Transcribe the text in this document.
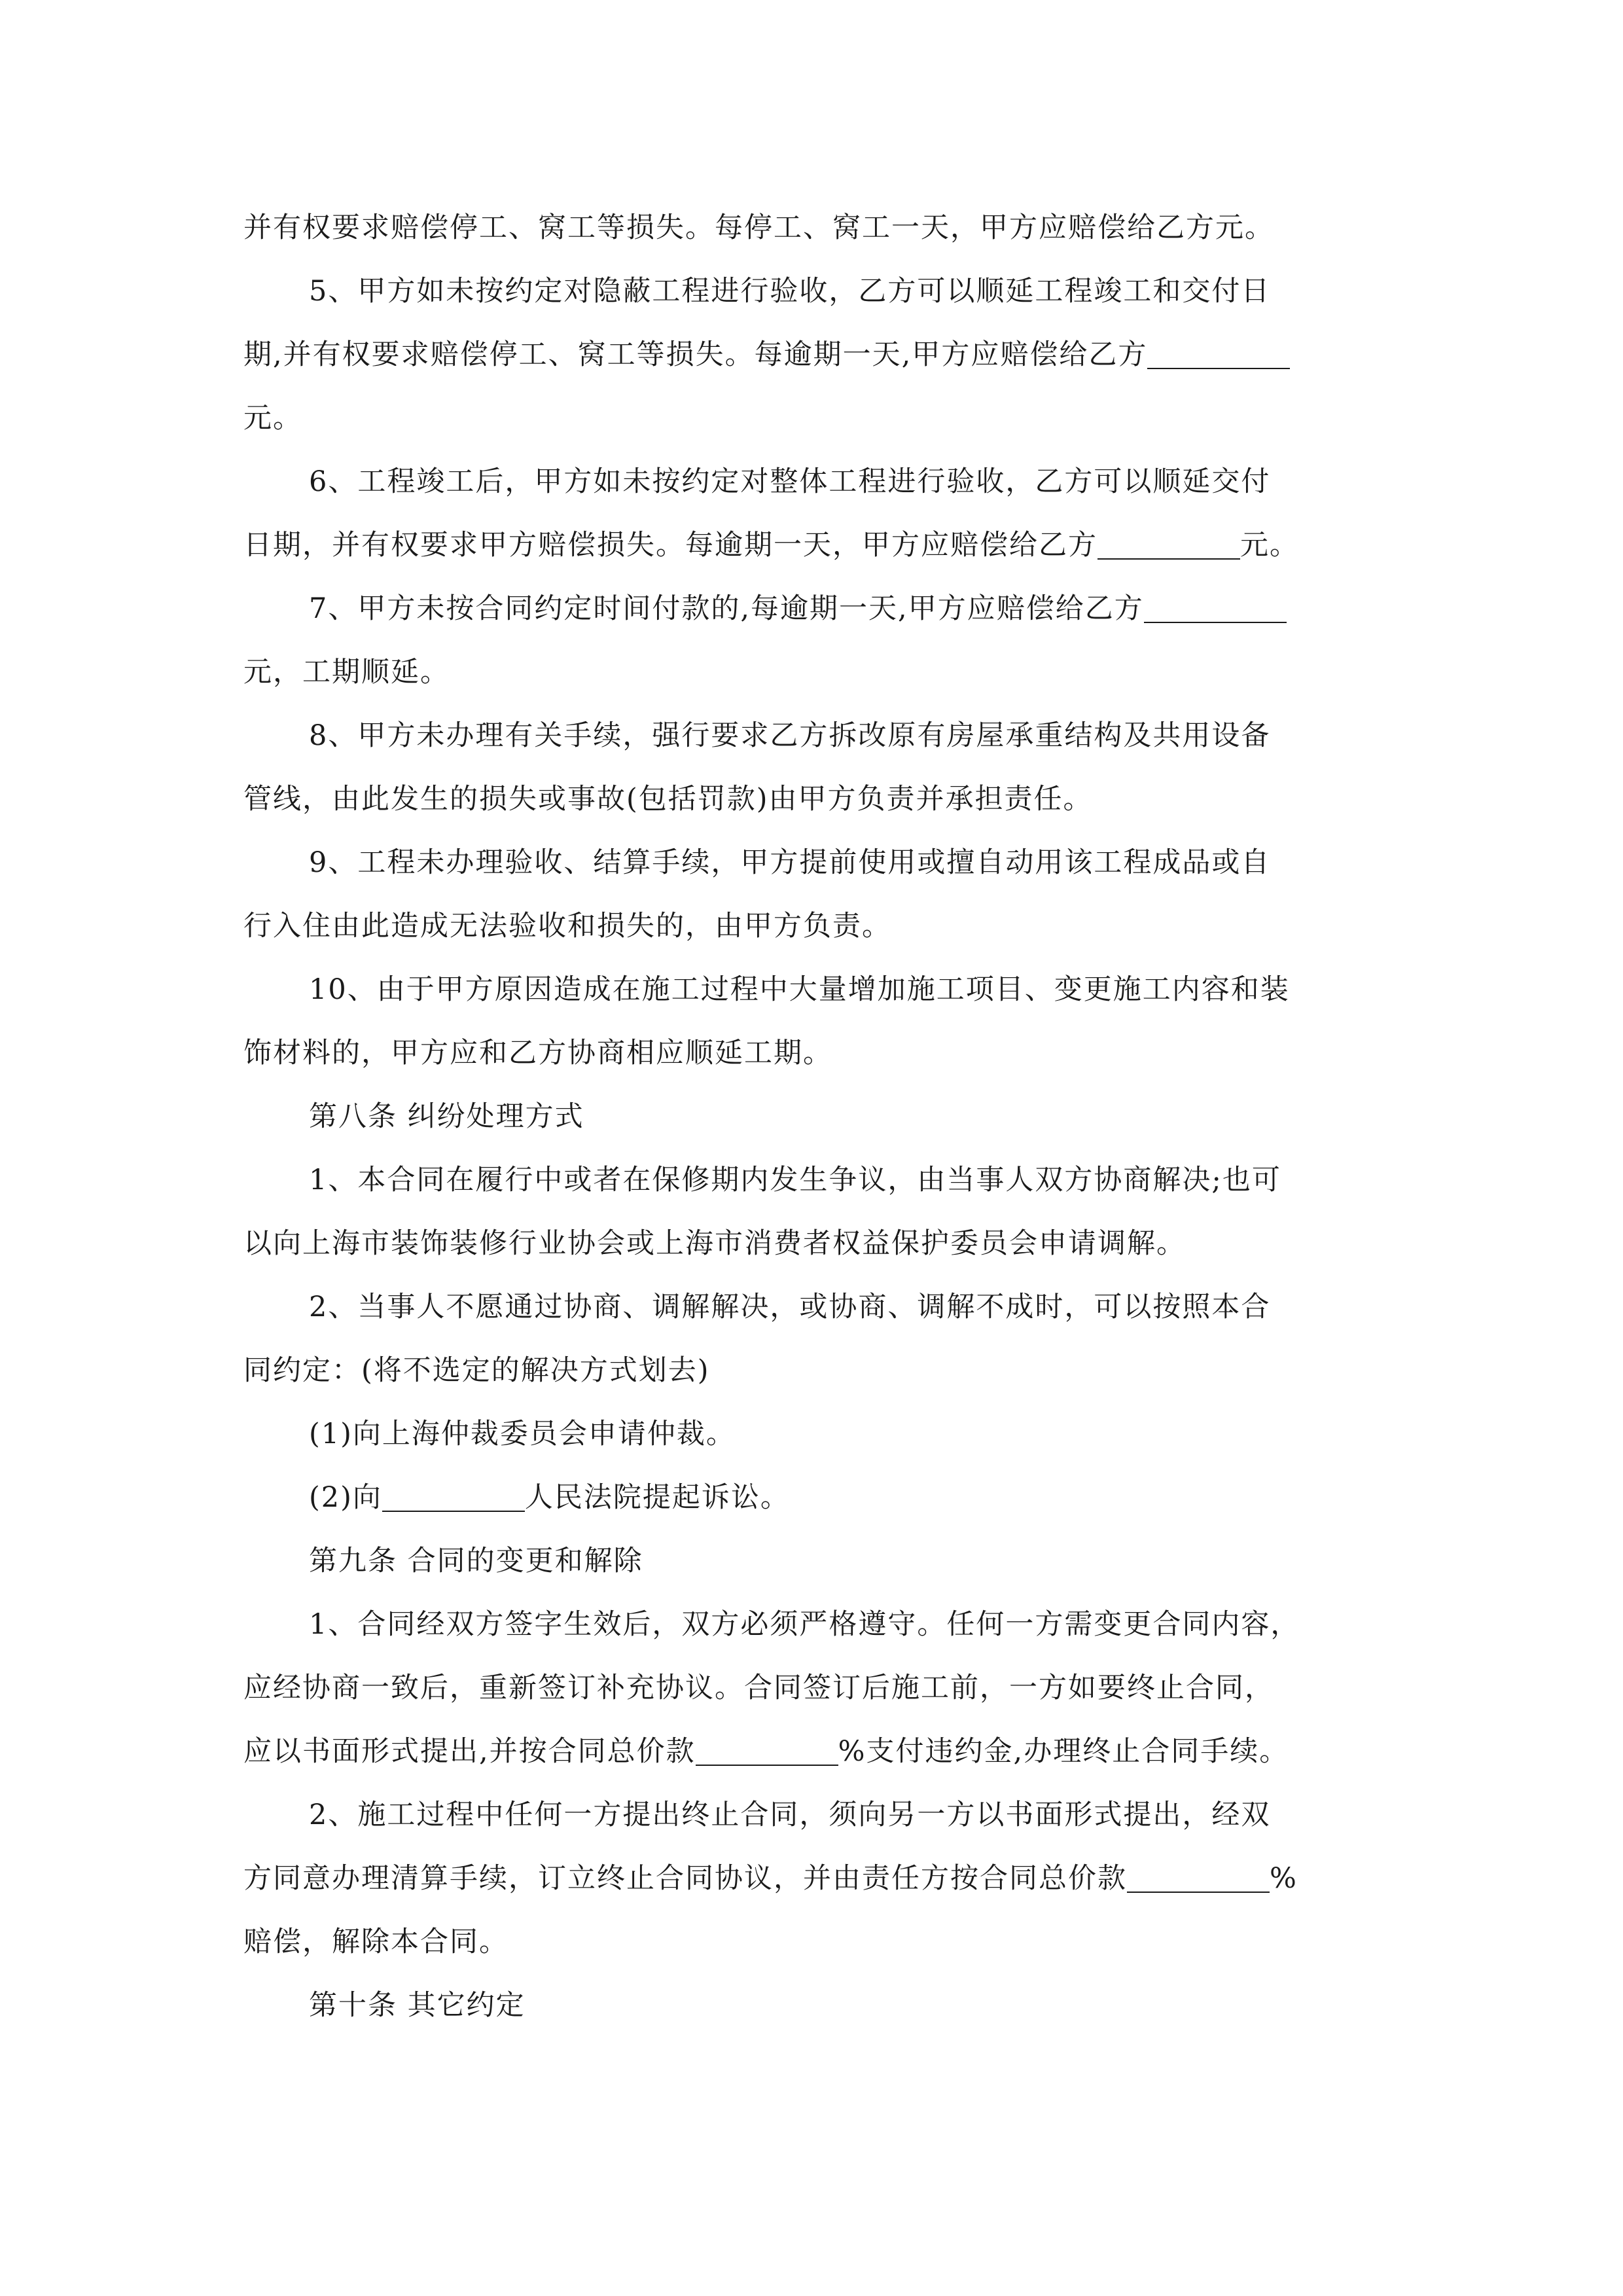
并有权要求赔偿停工、窝工等损失。每停工、窝工一天，甲方应赔偿给乙方元。
5、甲方如未按约定对隐蔽工程进行验收，乙方可以顺延工程竣工和交付日
期,并有权要求赔偿停工、窝工等损失。每逾期一天,甲方应赔偿给乙方
元。
6、工程竣工后，甲方如未按约定对整体工程进行验收，乙方可以顺延交付
日期，并有权要求甲方赔偿损失。每逾期一天，甲方应赔偿给乙方	元。
7、甲方未按合同约定时间付款的,每逾期一天,甲方应赔偿给乙方
元，工期顺延。
8、甲方未办理有关手续，强行要求乙方拆改原有房屋承重结构及共用设备
管线，由此发生的损失或事故(包括罚款)由甲方负责并承担责任。
9、工程未办理验收、结算手续，甲方提前使用或擅自动用该工程成品或自
行入住由此造成无法验收和损失的，由甲方负责。
10、由于甲方原因造成在施工过程中大量增加施工项目、变更施工内容和装
饰材料的，甲方应和乙方协商相应顺延工期。
第八条 纠纷处理方式
1、本合同在履行中或者在保修期内发生争议，由当事人双方协商解决;也可
以向上海市装饰装修行业协会或上海市消费者权益保护委员会申请调解。
2、当事人不愿通过协商、调解解决，或协商、调解不成时，可以按照本合
同约定：(将不选定的解决方式划去)
(1)向上海仲裁委员会申请仲裁。
(2)向	人民法院提起诉讼。
第九条 合同的变更和解除
1、合同经双方签字生效后，双方必须严格遵守。任何一方需变更合同内容，
应经协商一致后，重新签订补充协议。合同签订后施工前，一方如要终止合同，
应以书面形式提出,并按合同总价款	%支付违约金,办理终止合同手续。
2、施工过程中任何一方提出终止合同，须向另一方以书面形式提出，经双
方同意办理清算手续，订立终止合同协议，并由责任方按合同总价款	%
赔偿，解除本合同。
第十条 其它约定
